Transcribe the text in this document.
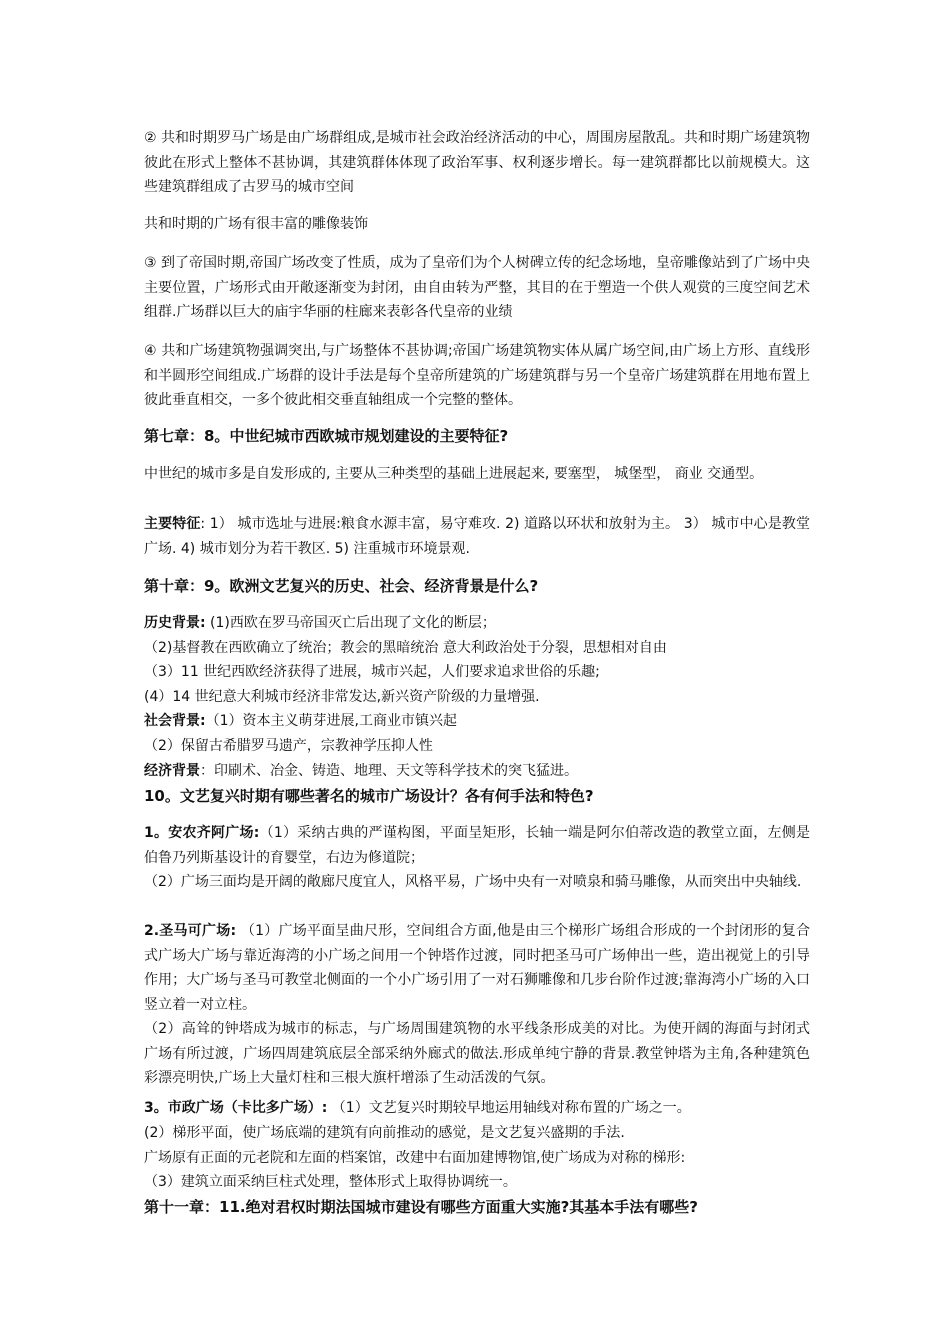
② 共和时期罗马广场是由广场群组成,是城市社会政治经济活动的中心，周围房屋散乱。共和时期广场建筑物彼此在形式上整体不甚协调，其建筑群体体现了政治军事、权利逐步增长。每一建筑群都比以前规模大。这些建筑群组成了古罗马的城市空间
共和时期的广场有很丰富的雕像装饰
③ 到了帝国时期,帝国广场改变了性质，成为了皇帝们为个人树碑立传的纪念场地，皇帝雕像站到了广场中央主要位置，广场形式由开敞逐渐变为封闭，由自由转为严整，其目的在于塑造一个供人观赏的三度空间艺术组群.广场群以巨大的庙宇华丽的柱廊来表彰各代皇帝的业绩
④ 共和广场建筑物强调突出,与广场整体不甚协调;帝国广场建筑物实体从属广场空间,由广场上方形、直线形和半圆形空间组成.广场群的设计手法是每个皇帝所建筑的广场建筑群与另一个皇帝广场建筑群在用地布置上彼此垂直相交，一多个彼此相交垂直轴组成一个完整的整体。
第七章：8。中世纪城市西欧城市规划建设的主要特征?
中世纪的城市多是自发形成的, 主要从三种类型的基础上进展起来, 要塞型， 城堡型， 商业 交通型。
主要特征: 1） 城市选址与进展:粮食水源丰富，易守难攻. 2) 道路以环状和放射为主。 3） 城市中心是教堂广场. 4) 城市划分为若干教区. 5) 注重城市环境景观.
第十章：9。欧洲文艺复兴的历史、社会、经济背景是什么?
历史背景: (1)西欧在罗马帝国灭亡后出现了文化的断层；
（2)基督教在西欧确立了统治；教会的黑暗统治 意大利政治处于分裂，思想相对自由
（3）11 世纪西欧经济获得了进展，城市兴起，人们要求追求世俗的乐趣;
(4）14 世纪意大利城市经济非常发达,新兴资产阶级的力量增强.
社会背景:（1）资本主义萌芽进展,工商业市镇兴起
（2）保留古希腊罗马遗产，宗教神学压抑人性
经济背景：印刷术、冶金、铸造、地理、天文等科学技术的突飞猛进。
10。文艺复兴时期有哪些著名的城市广场设计？各有何手法和特色?
1。安农齐阿广场:（1）采纳古典的严谨构图，平面呈矩形，长轴一端是阿尔伯蒂改造的教堂立面，左侧是伯鲁乃列斯基设计的育婴堂，右边为修道院；
（2）广场三面均是开阔的敞廊尺度宜人，风格平易，广场中央有一对喷泉和骑马雕像，从而突出中央轴线.
2.圣马可广场: （1）广场平面呈曲尺形，空间组合方面,他是由三个梯形广场组合形成的一个封闭形的复合式广场大广场与靠近海湾的小广场之间用一个钟塔作过渡，同时把圣马可广场伸出一些，造出视觉上的引导作用；大广场与圣马可教堂北侧面的一个小广场引用了一对石狮雕像和几步台阶作过渡;靠海湾小广场的入口竖立着一对立柱。
（2）高耸的钟塔成为城市的标志，与广场周围建筑物的水平线条形成美的对比。为使开阔的海面与封闭式广场有所过渡，广场四周建筑底层全部采纳外廊式的做法.形成单纯宁静的背景.教堂钟塔为主角,各种建筑色彩漂亮明快,广场上大量灯柱和三根大旗杆增添了生动活泼的气氛。
3。市政广场（卡比多广场）: （1）文艺复兴时期较早地运用轴线对称布置的广场之一。
(2）梯形平面，使广场底端的建筑有向前推动的感觉，是文艺复兴盛期的手法.
广场原有正面的元老院和左面的档案馆，改建中右面加建博物馆,使广场成为对称的梯形:
（3）建筑立面采纳巨柱式处理，整体形式上取得协调统一。
第十一章：11.绝对君权时期法国城市建设有哪些方面重大实施?其基本手法有哪些?
